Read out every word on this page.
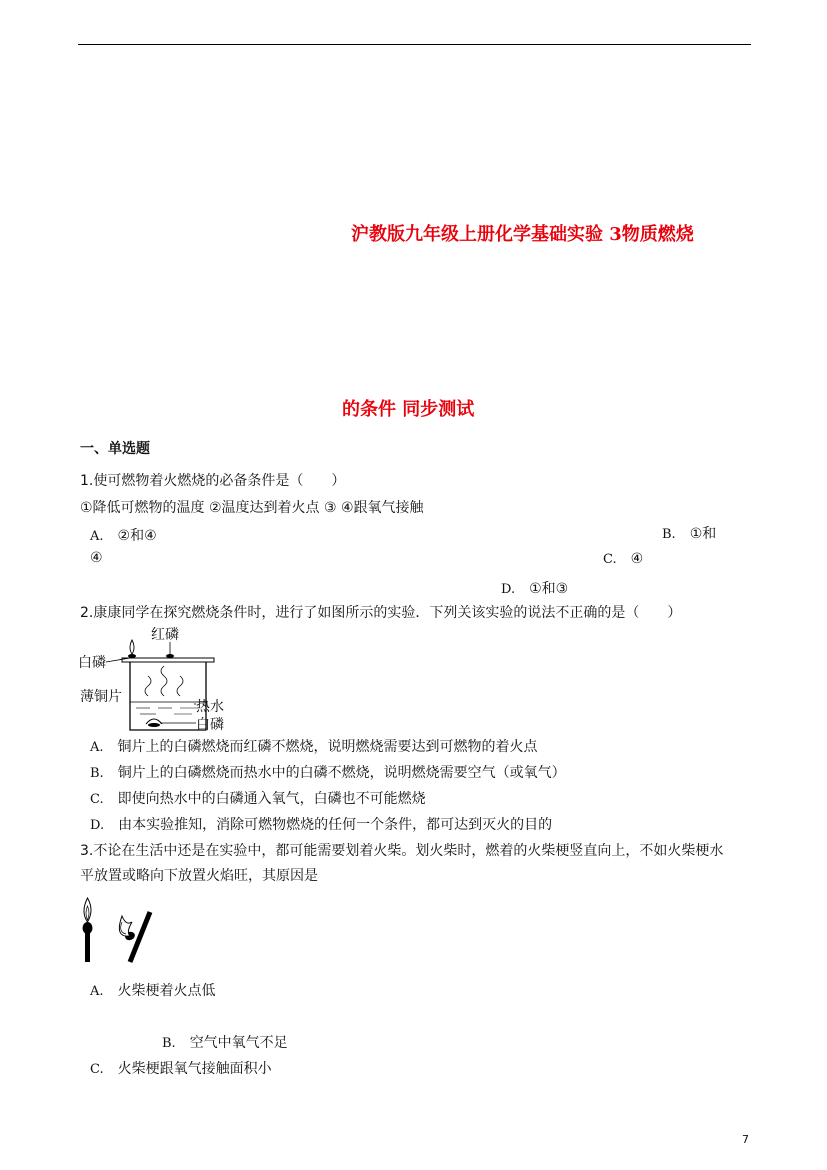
沪教版九年级上册化学基础实验 3物质燃烧
的条件 同步测试
一、单选题
1.使可燃物着火燃烧的必备条件是（　　）
①降低可燃物的温度 ②温度达到着火点 ③ ④跟氧气接触
A. ②和④	B. ①和
④	C. ④
D. ①和③
2.康康同学在探究燃烧条件时，进行了如图所示的实验．下列关该实验的说法不正确的是（　　）
红磷
白磷
薄铜片
热水
白磷
A. 铜片上的白磷燃烧而红磷不燃烧，说明燃烧需要达到可燃物的着火点
B. 铜片上的白磷燃烧而热水中的白磷不燃烧，说明燃烧需要空气（或氧气）
C. 即使向热水中的白磷通入氧气，白磷也不可能燃烧
D. 由本实验推知，消除可燃物燃烧的任何一个条件，都可达到灭火的目的
3.不论在生活中还是在实验中，都可能需要划着火柴。划火柴时，燃着的火柴梗竖直向上，不如火柴梗水
平放置或略向下放置火焰旺，其原因是
A. 火柴梗着火点低
B. 空气中氧气不足
C. 火柴梗跟氧气接触面积小
7
